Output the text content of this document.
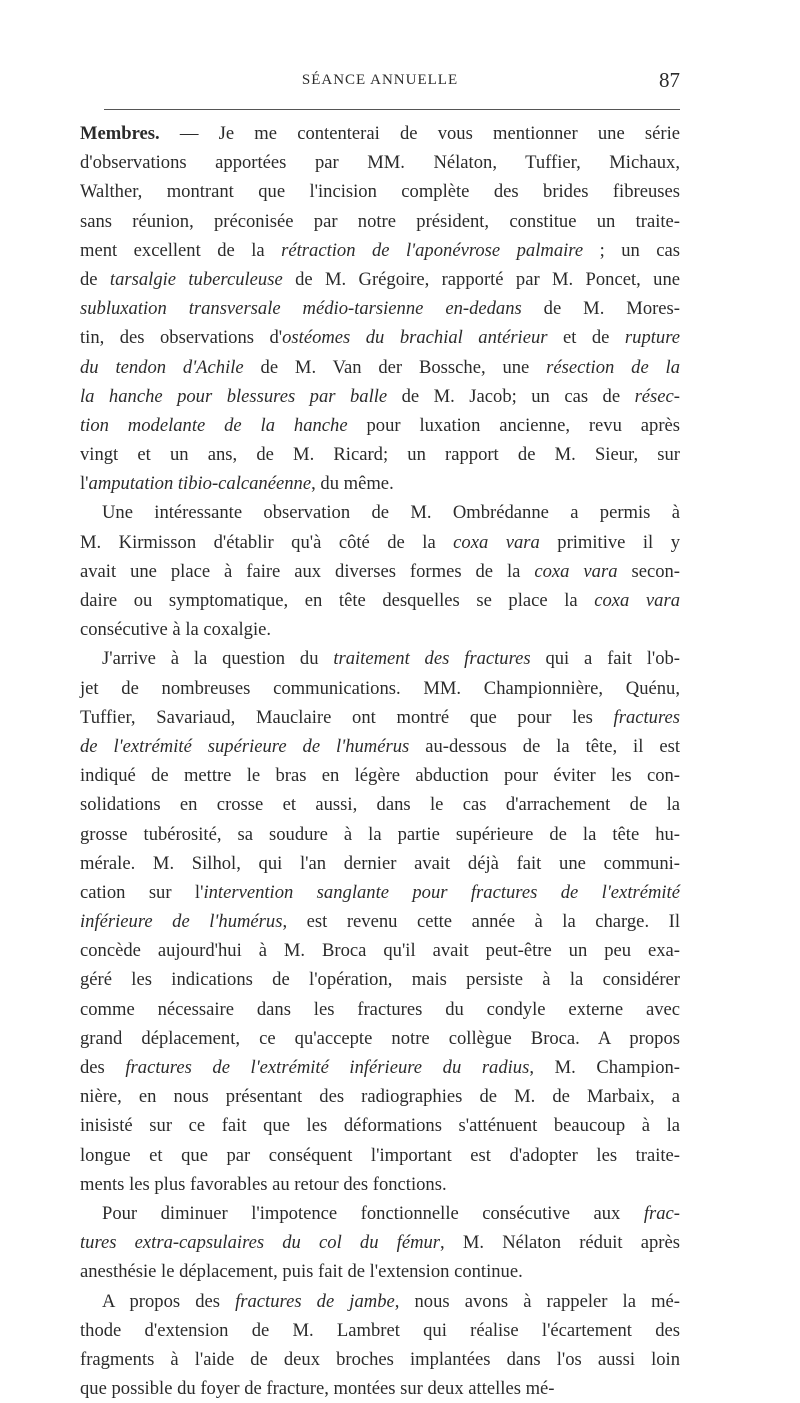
SÉANCE ANNUELLE	87
Membres. — Je me contenterai de vous mentionner une série
d'observations apportées par MM. Nélaton, Tuffier, Michaux,
Walther, montrant que l'incision complète des brides fibreuses
sans réunion, préconisée par notre président, constitue un traite-
ment excellent de la rétraction de l'aponévrose palmaire ; un cas
de tarsalgie tuberculeuse de M. Grégoire, rapporté par M. Poncet, une
subluxation transversale médio-tarsienne en-dedans de M. Mores-
tin, des observations d'ostéomes du brachial antérieur et de rupture
du tendon d'Achile de M. Van der Bossche, une résection de la
la hanche pour blessures par balle de M. Jacob; un cas de résec-
tion modelante de la hanche pour luxation ancienne, revu après
vingt et un ans, de M. Ricard; un rapport de M. Sieur, sur
l'amputation tibio-calcanéenne, du même.
Une intéressante observation de M. Ombrédanne a permis à
M. Kirmisson d'établir qu'à côté de la coxa vara primitive il y
avait une place à faire aux diverses formes de la coxa vara secon-
daire ou symptomatique, en tête desquelles se place la coxa vara
consécutive à la coxalgie.
J'arrive à la question du traitement des fractures qui a fait l'ob-
jet de nombreuses communications. MM. Championnière, Quénu,
Tuffier, Savariaud, Mauclaire ont montré que pour les fractures
de l'extrémité supérieure de l'humérus au-dessous de la tête, il est
indiqué de mettre le bras en légère abduction pour éviter les con-
solidations en crosse et aussi, dans le cas d'arrachement de la
grosse tubérosité, sa soudure à la partie supérieure de la tête hu-
mérale. M. Silhol, qui l'an dernier avait déjà fait une communi-
cation sur l'intervention sanglante pour fractures de l'extrémité
inférieure de l'humérus, est revenu cette année à la charge. Il
concède aujourd'hui à M. Broca qu'il avait peut-être un peu exa-
géré les indications de l'opération, mais persiste à la considérer
comme nécessaire dans les fractures du condyle externe avec
grand déplacement, ce qu'accepte notre collègue Broca. A propos
des fractures de l'extrémité inférieure du radius, M. Champion-
nière, en nous présentant des radiographies de M. de Marbaix, a
inisisté sur ce fait que les déformations s'atténuent beaucoup à la
longue et que par conséquent l'important est d'adopter les traite-
ments les plus favorables au retour des fonctions.
Pour diminuer l'impotence fonctionnelle consécutive aux frac-
tures extra-capsulaires du col du fémur, M. Nélaton réduit après
anesthésie le déplacement, puis fait de l'extension continue.
A propos des fractures de jambe, nous avons à rappeler la mé-
thode d'extension de M. Lambret qui réalise l'écartement des
fragments à l'aide de deux broches implantées dans l'os aussi loin
que possible du foyer de fracture, montées sur deux attelles mé-
